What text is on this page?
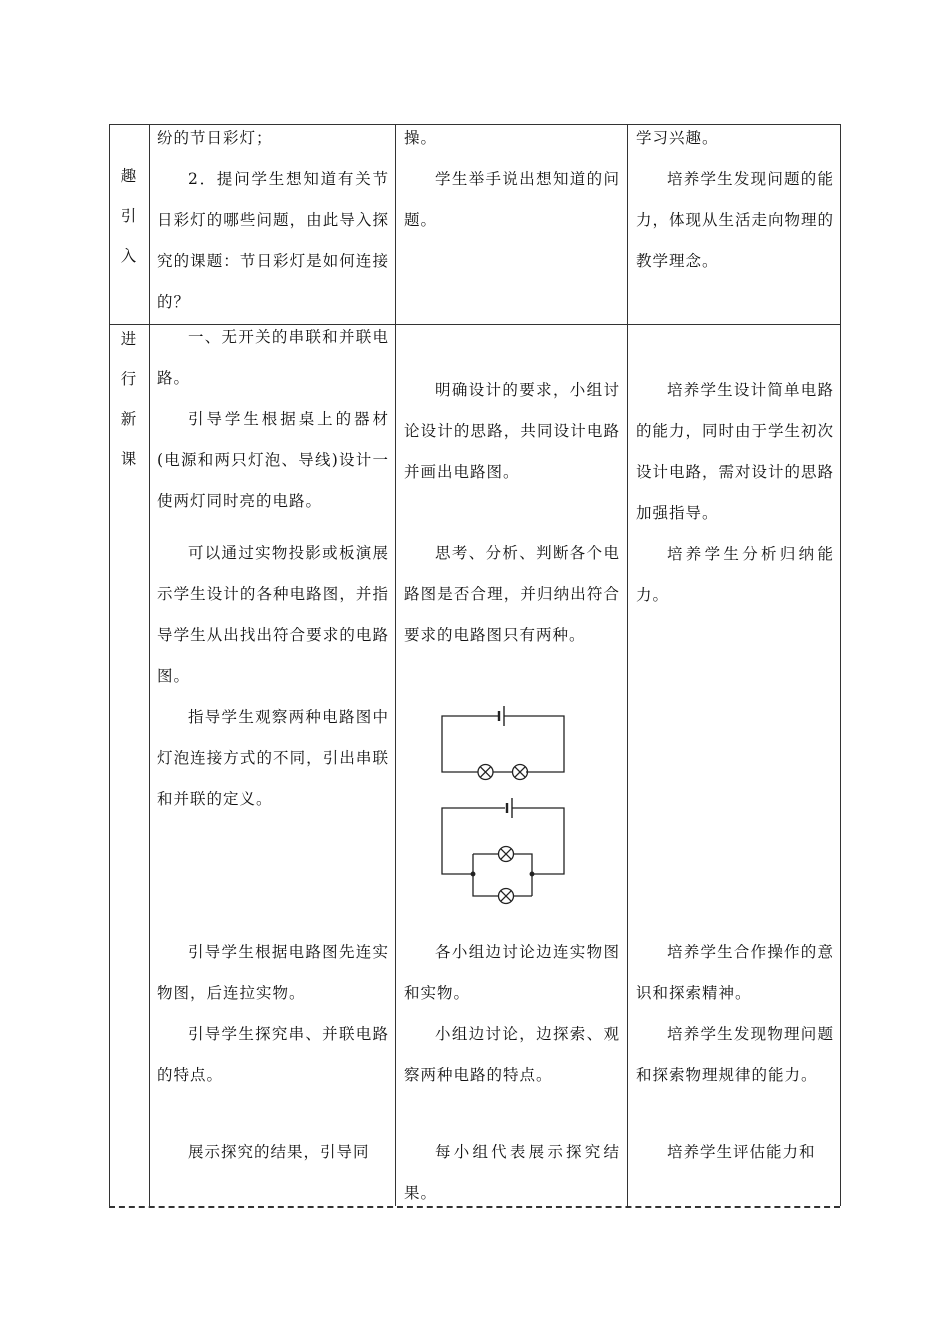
趣
引
入

纷的节日彩灯；

2．提问学生想知道有关节日彩灯的哪些问题，由此导入探究的课题：节日彩灯是如何连接的？

操。

学生举手说出想知道的问题。

学习兴趣。

培养学生发现问题的能力，体现从生活走向物理的教学理念。

进
行
新
课

一、无开关的串联和并联电路。

引导学生根据桌上的器材(电源和两只灯泡、导线)设计一使两灯同时亮的电路。

可以通过实物投影或板演展示学生设计的各种电路图，并指导学生从出找出符合要求的电路图。

指导学生观察两种电路图中灯泡连接方式的不同，引出串联和并联的定义。

引导学生根据电路图先连实物图，后连拉实物。

引导学生探究串、并联电路的特点。

展示探究的结果，引导同

明确设计的要求，小组讨论设计的思路，共同设计电路并画出电路图。

思考、分析、判断各个电路图是否合理，并归纳出符合要求的电路图只有两种。

各小组边讨论边连实物图和实物。

小组边讨论，边探索、观察两种电路的特点。

每小组代表展示探究结果。

培养学生设计简单电路的能力，同时由于学生初次设计电路，需对设计的思路加强指导。

培养学生分析归纳能力。

培养学生合作操作的意识和探索精神。

培养学生发现物理问题和探索物理规律的能力。

培养学生评估能力和
